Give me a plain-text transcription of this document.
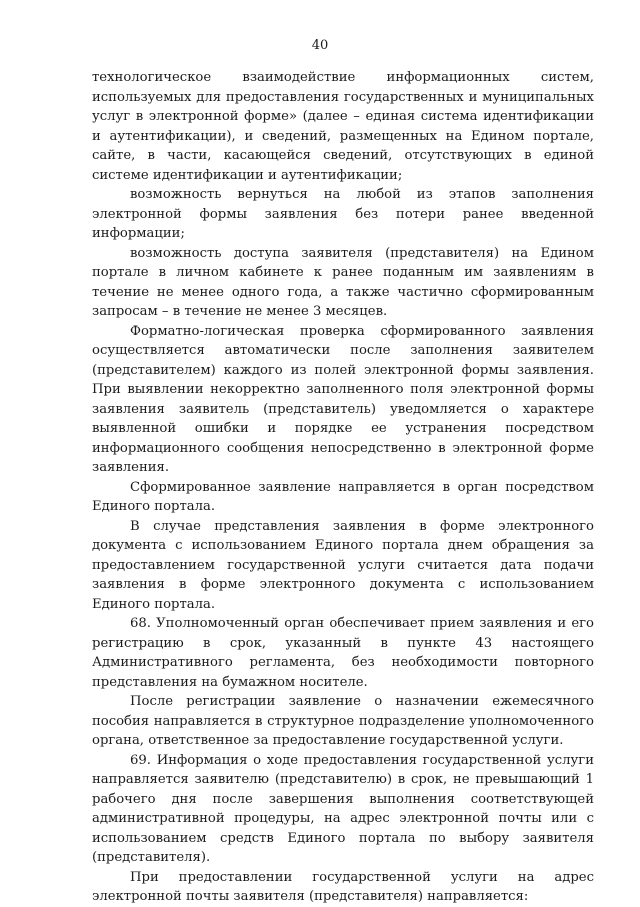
40

технологическое взаимодействие информационных систем, используемых для предоставления государственных и муниципальных услуг в электронной форме» (далее – единая система идентификации и аутентификации), и сведений, размещенных на Едином портале, сайте, в части, касающейся сведений, отсутствующих в единой системе идентификации и аутентификации;

возможность вернуться на любой из этапов заполнения электронной формы заявления без потери ранее введенной информации;

возможность доступа заявителя (представителя) на Едином портале в личном кабинете к ранее поданным им заявлениям в течение не менее одного года, а также частично сформированным запросам – в течение не менее 3 месяцев.

Форматно-логическая проверка сформированного заявления осуществляется автоматически после заполнения заявителем (представителем) каждого из полей электронной формы заявления. При выявлении некорректно заполненного поля электронной формы заявления заявитель (представитель) уведомляется о характере выявленной ошибки и порядке ее устранения посредством информационного сообщения непосредственно в электронной форме заявления.

Сформированное заявление направляется в орган посредством Единого портала.

В случае представления заявления в форме электронного документа с использованием Единого портала днем обращения за предоставлением государственной услуги считается дата подачи заявления в форме электронного документа с использованием Единого портала.

68. Уполномоченный орган обеспечивает прием заявления и его регистрацию в срок, указанный в пункте 43 настоящего Административного регламента, без необходимости повторного представления на бумажном носителе.

После регистрации заявление о назначении ежемесячного пособия направляется в структурное подразделение уполномоченного органа, ответственное за предоставление государственной услуги.

69. Информация о ходе предоставления государственной услуги направляется заявителю (представителю) в срок, не превышающий 1 рабочего дня после завершения выполнения соответствующей административной процедуры, на адрес электронной почты или с использованием средств Единого портала по выбору заявителя (представителя).

При предоставлении государственной услуги на адрес электронной почты заявителя (представителя) направляется:
